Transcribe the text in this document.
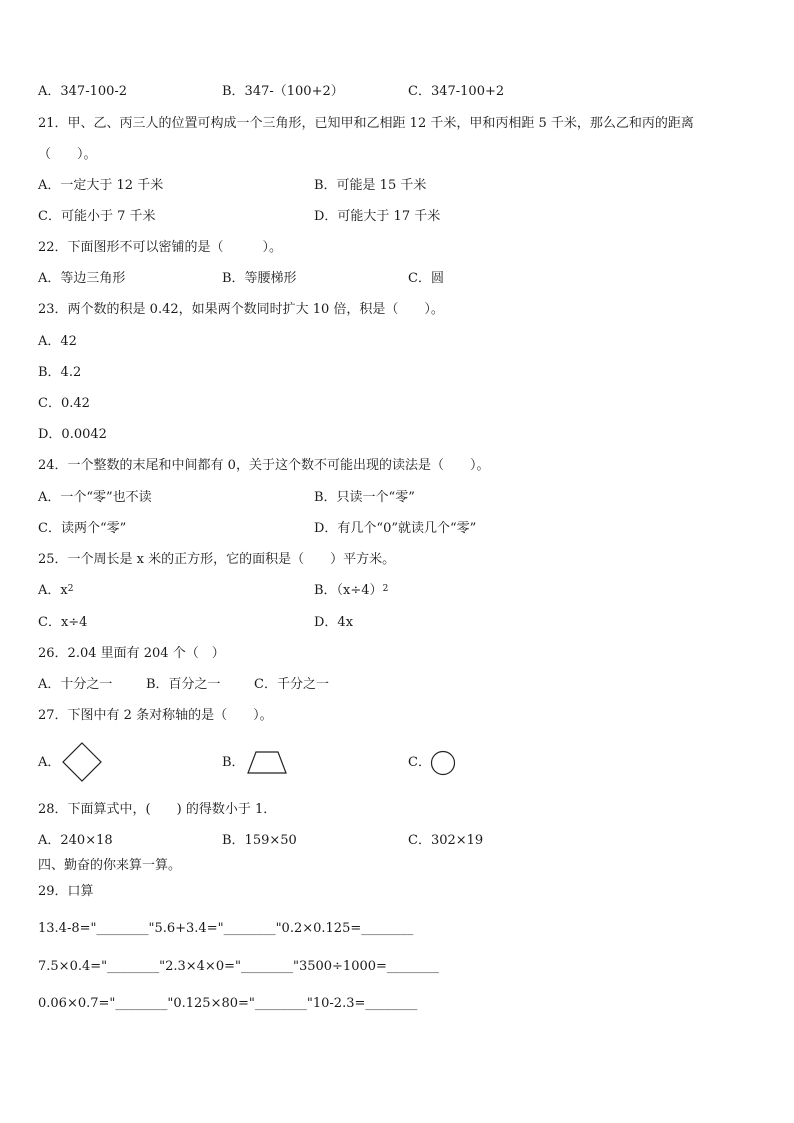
A．347-100-2	B．347-（100+2）	C．347-100+2
21．甲、乙、丙三人的位置可构成一个三角形，已知甲和乙相距 12 千米，甲和丙相距 5 千米，那么乙和丙的距离
（　　）。
A．一定大于 12 千米	B．可能是 15 千米
C．可能小于 7 千米	D．可能大于 17 千米
22．下面图形不可以密铺的是（　　　）。
A．等边三角形	B．等腰梯形	C．圆
23．两个数的积是 0.42，如果两个数同时扩大 10 倍，积是（　　）。
A．42
B．4.2
C．0.42
D．0.0042
24．一个整数的末尾和中间都有 0，关于这个数不可能出现的读法是（　　）。
A．一个“零”也不读	B．只读一个“零”
C．读两个“零”	D．有几个“0”就读几个“零”
25．一个周长是 x 米的正方形，它的面积是（　　）平方米。
A．$x^2$	B．$(x\div 4)^2$
C．x÷4	D．4x
26．2.04 里面有 204 个（　）
A．十分之一	B．百分之一	C．千分之一
27．下图中有 2 条对称轴的是（　　）。
A．	B．	C．
28．下面算式中，(　　) 的得数小于 1．
A．240×18	B．159×50	C．302×19
四、勤奋的你来算一算。
29．口算
13.4-8="________"5.6+3.4="________"0.2×0.125=________
7.5×0.4="________"2.3×4×0="________"3500÷1000=________
0.06×0.7="________"0.125×80="________"10-2.3=________
